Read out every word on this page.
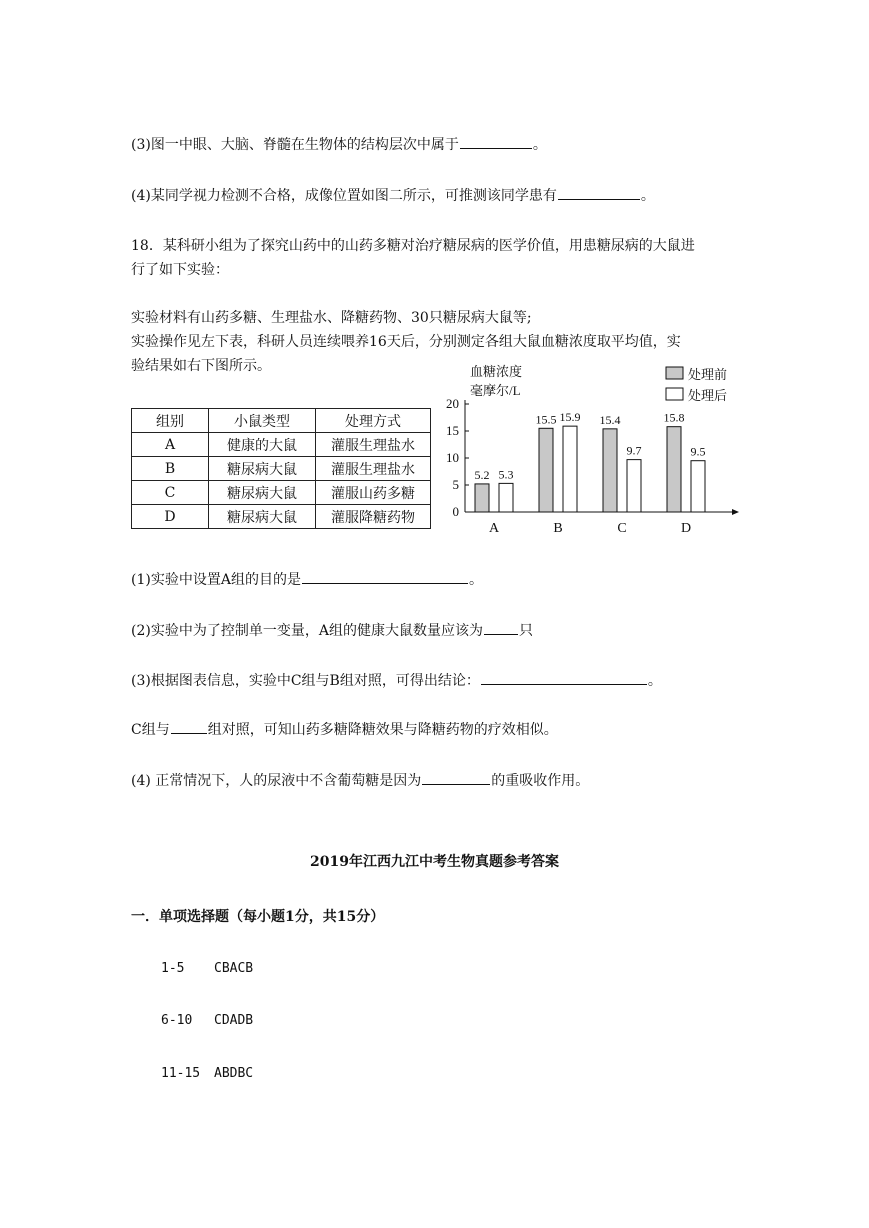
(3)图一中眼、大脑、脊髓在生物体的结构层次中属于	。
(4)某同学视力检测不合格，成像位置如图二所示，可推测该同学患有	。
18．某科研小组为了探究山药中的山药多糖对治疗糖尿病的医学价值，用患糖尿病的大鼠进
行了如下实验：
实验材料有山药多糖、生理盐水、降糖药物、30只糖尿病大鼠等;
实验操作见左下表，科研人员连续喂养16天后，分别测定各组大鼠血糖浓度取平均值，实
验结果如右下图所示。
组别	小鼠类型	处理方式
A	健康的大鼠	灌服生理盐水
B	糖尿病大鼠	灌服生理盐水
C	糖尿病大鼠	灌服山药多糖
D	糖尿病大鼠	灌服降糖药物
血糖浓度
毫摩尔/L
0
5
10
15
20
5.2 5.3
A
15.5 15.9
B
15.4
9.7
C
15.8
9.5
D
处理前
处理后
(1)实验中设置A组的目的是	。
(2)实验中为了控制单一变量，A组的健康大鼠数量应该为	只
(3)根据图表信息，实验中C组与B组对照，可得出结论：	。
C组与	组对照，可知山药多糖降糖效果与降糖药物的疗效相似。
(4) 正常情况下，人的尿液中不含葡萄糖是因为	的重吸收作用。
2019年江西九江中考生物真题参考答案
一．单项选择题（每小题1分，共15分）
1-5 CBACB
6-10 CDADB
11-15 ABDBC
